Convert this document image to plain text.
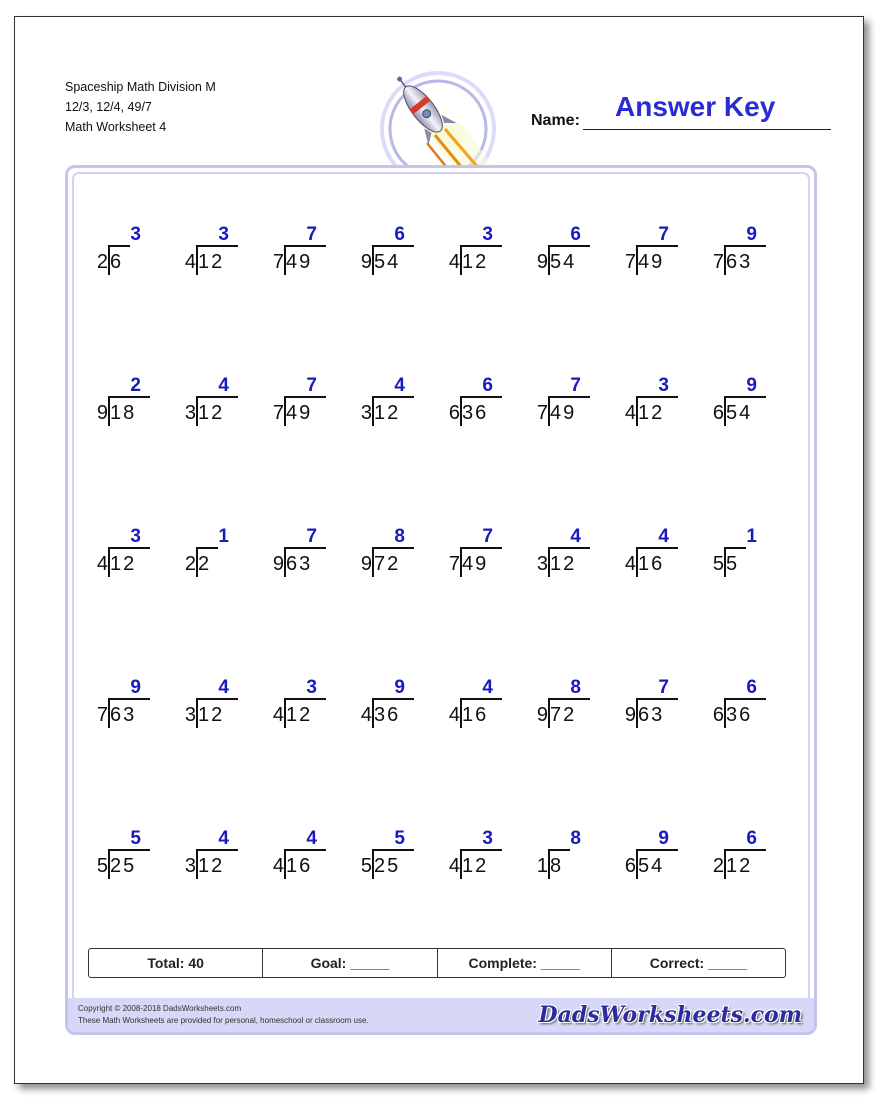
Spaceship Math Division M
12/3, 12/4, 49/7
Math Worksheet 4
Answer Key
Name:
3
2 6
3
4 12
7
7 49
6
9 54
3
4 12
6
9 54
7
7 49
9
7 63
2
9 18
4
3 12
7
7 49
4
3 12
6
6 36
7
7 49
3
4 12
9
6 54
3
4 12
1
2 2
7
9 63
8
9 72
7
7 49
4
3 12
4
4 16
1
5 5
9
7 63
4
3 12
3
4 12
9
4 36
4
4 16
8
9 72
7
9 63
6
6 36
5
5 25
4
3 12
4
4 16
5
5 25
3
4 12
8
1 8
9
6 54
6
2 12
Total: 40	Goal: _____	Complete: _____	Correct: _____
Copyright © 2008-2018 DadsWorksheets.com
These Math Worksheets are provided for personal, homeschool or classroom use.	DadsWorksheets.com
